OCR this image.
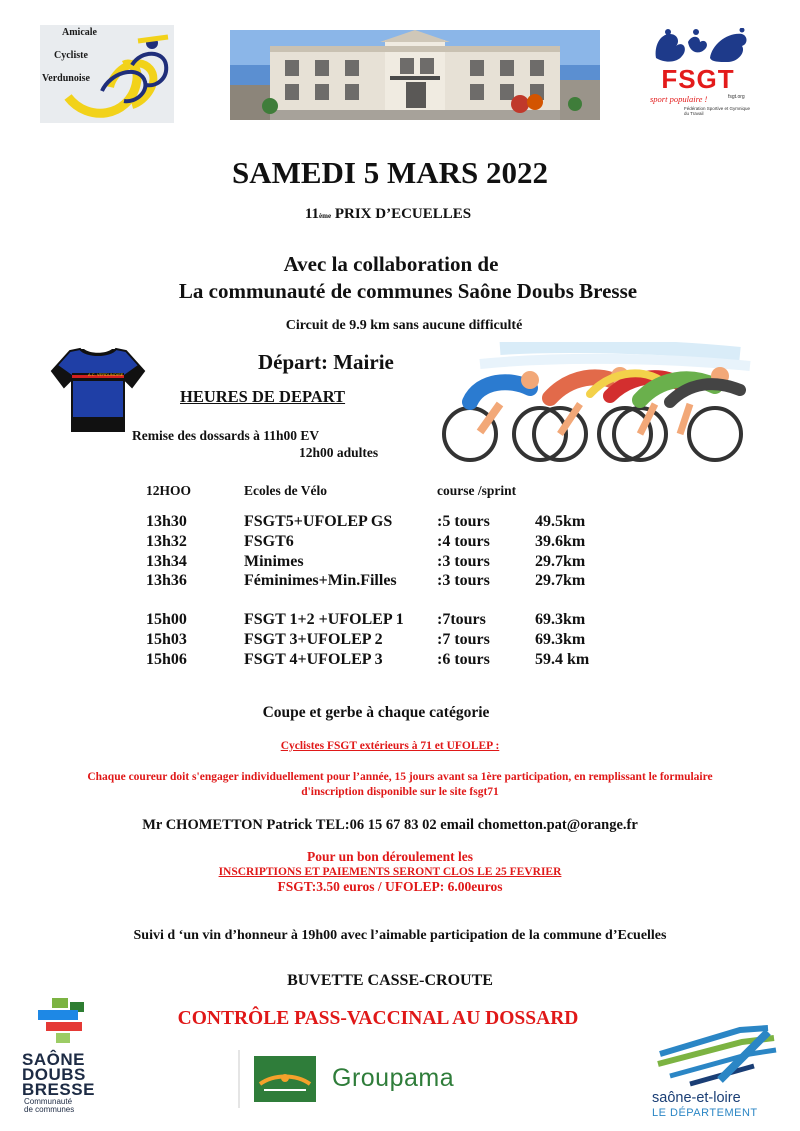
Amicale
Cycliste
Verdunoise	FSGT
sport populaire !	fsgt.org
Fédération Sportive et Gymnique du Travail
SAMEDI 5 MARS 2022
11ème PRIX D’ECUELLES
Avec la collaboration de
La communauté de communes Saône Doubs Bresse
Circuit de 9.9 km sans aucune difficulté
A.C. VERDUNOISE
Départ: Mairie
HEURES DE DEPART
Remise des dossards à 11h00 EV
12h00 adultes
12HOO	Ecoles de Vélo	course /sprint
13h30	FSGT5+UFOLEP GS	:5 tours	49.5km
13h32	FSGT6	:4 tours	39.6km
13h34	Minimes	:3 tours	29.7km
13h36	Féminimes+Min.Filles	:3 tours	29.7km
15h00	FSGT 1+2 +UFOLEP 1 :7tours	69.3km
15h03	FSGT 3+UFOLEP 2	:7 tours	69.3km
15h06	FSGT 4+UFOLEP 3	:6 tours	59.4 km
Coupe et gerbe à chaque catégorie
Cyclistes FSGT extérieurs à 71 et UFOLEP :
Chaque coureur doit s'engager individuellement pour l’année, 15 jours avant sa 1ère participation, en remplissant le formulaire d'inscription disponible sur le site fsgt71
Mr CHOMETTON Patrick TEL:06 15 67 83 02 email chometton.pat@orange.fr
Pour un bon déroulement les
INSCRIPTIONS ET PAIEMENTS SERONT CLOS LE 25 FEVRIER
FSGT:3.50 euros / UFOLEP: 6.00euros
Suivi d ‘un vin d’honneur à 19h00 avec l’aimable participation de la commune d’Ecuelles
BUVETTE CASSE-CROUTE
CONTRÔLE PASS-VACCINAL AU DOSSARD
SAÔNE
DOUBS
BRESSE
Communauté
de communes
Groupama
saône-et-loire
LE DÉPARTEMENT
